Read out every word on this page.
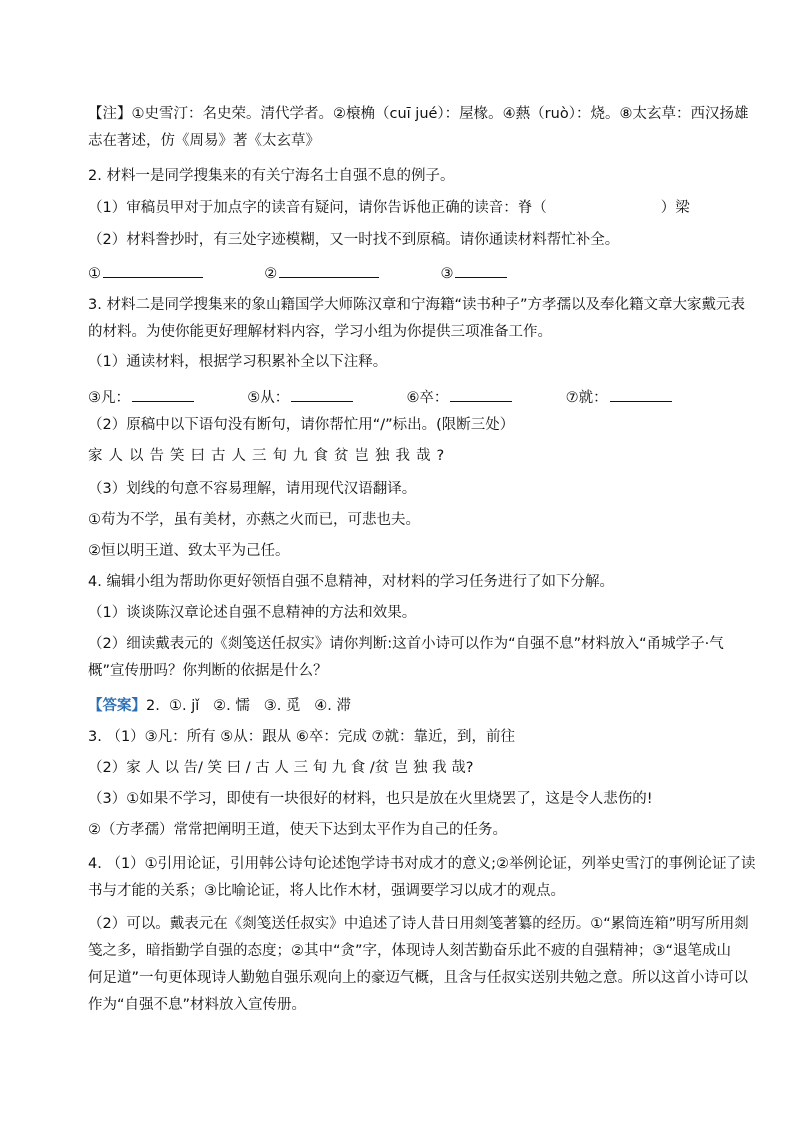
【注】①史雪汀：名史荣。清代学者。②榱桷（cuī jué）：屋椽。④爇（ruò）：烧。⑧太玄草：西汉扬雄
志在著述，仿《周易》著《太玄草》
2. 材料一是同学搜集来的有关宁海名士自强不息的例子。
（1）审稿员甲对于加点字的读音有疑问，请你告诉他正确的读音：脊（	）梁
（2）材料誊抄时，有三处字迹模糊，又一时找不到原稿。请你通读材料帮忙补全。
①	②	③
3. 材料二是同学搜集来的象山籍国学大师陈汉章和宁海籍“读书种子”方孝孺以及奉化籍文章大家戴元表
的材料。为使你能更好理解材料内容，学习小组为你提供三项准备工作。
（1）通读材料，根据学习积累补全以下注释。
③凡：	⑤从：	⑥卒：	⑦就：
（2）原稿中以下语句没有断句，请你帮忙用“/”标出。(限断三处）
家人以告笑曰古人三旬九食贫岂独我哉?
（3）划线的句意不容易理解，请用现代汉语翻译。
①苟为不学，虽有美材，亦爇之火而已，可悲也夫。
②恒以明王道、致太平为己任。
4. 编辑小组为帮助你更好领悟自强不息精神，对材料的学习任务进行了如下分解。
（1）谈谈陈汉章论述自强不息精神的方法和效果。
（2）细读戴表元的《剡笺送任叔实》请你判断:这首小诗可以作为“自强不息”材料放入“甬城学子·气
概”宣传册吗？你判断的依据是什么？
【答案】2.  ①. jǐ   ②. 懦   ③. 觅   ④. 滞
3. （1）③凡：所有 ⑤从：跟从 ⑥卒：完成 ⑦就：靠近，到，前往
（2）家 人 以 告/ 笑 曰 / 古 人 三 旬 九 食 /贫 岂 独 我 哉?
（3）①如果不学习，即使有一块很好的材料，也只是放在火里烧罢了，这是令人悲伤的!
②（方孝孺）常常把阐明王道，使天下达到太平作为自己的任务。
4. （1）①引用论证，引用韩公诗句论述饱学诗书对成才的意义;②举例论证，列举史雪汀的事例论证了读
书与才能的关系；③比喻论证，将人比作木材，强调要学习以成才的观点。
（2）可以。戴表元在《剡笺送任叔实》中追述了诗人昔日用剡笺著纂的经历。①“累筒连箱”明写所用剡
笺之多，暗指勤学自强的态度；②其中“贪”字，体现诗人刻苦勤奋乐此不疲的自强精神；③“退笔成山
何足道”一句更体现诗人勤勉自强乐观向上的豪迈气概，且含与任叔实送别共勉之意。所以这首小诗可以
作为“自强不息”材料放入宣传册。
